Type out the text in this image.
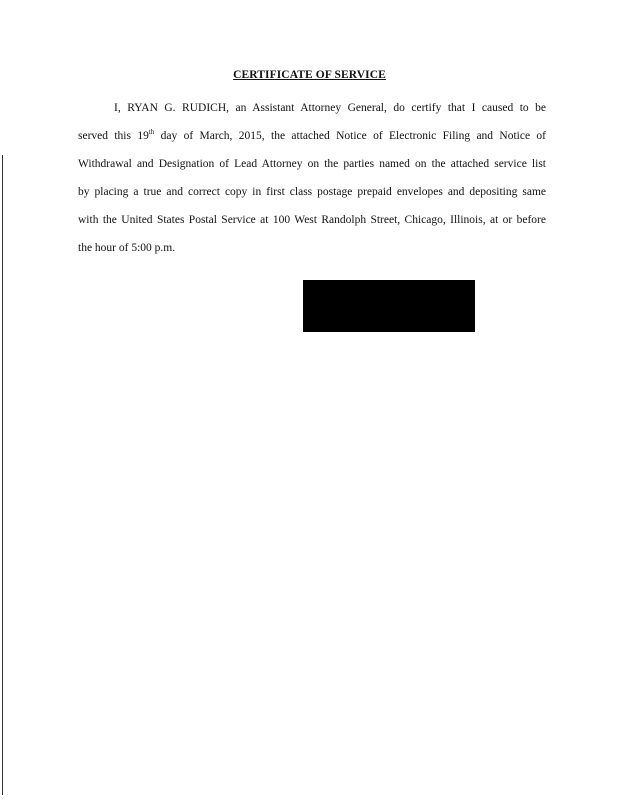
CERTIFICATE OF SERVICE
I, RYAN G. RUDICH, an Assistant Attorney General, do certify that I caused to be
served this 19th day of March, 2015, the attached Notice of Electronic Filing and Notice of
Withdrawal and Designation of Lead Attorney on the parties named on the attached service list
by placing a true and correct copy in first class postage prepaid envelopes and depositing same
with the United States Postal Service at 100 West Randolph Street, Chicago, Illinois, at or before
the hour of 5:00 p.m.
